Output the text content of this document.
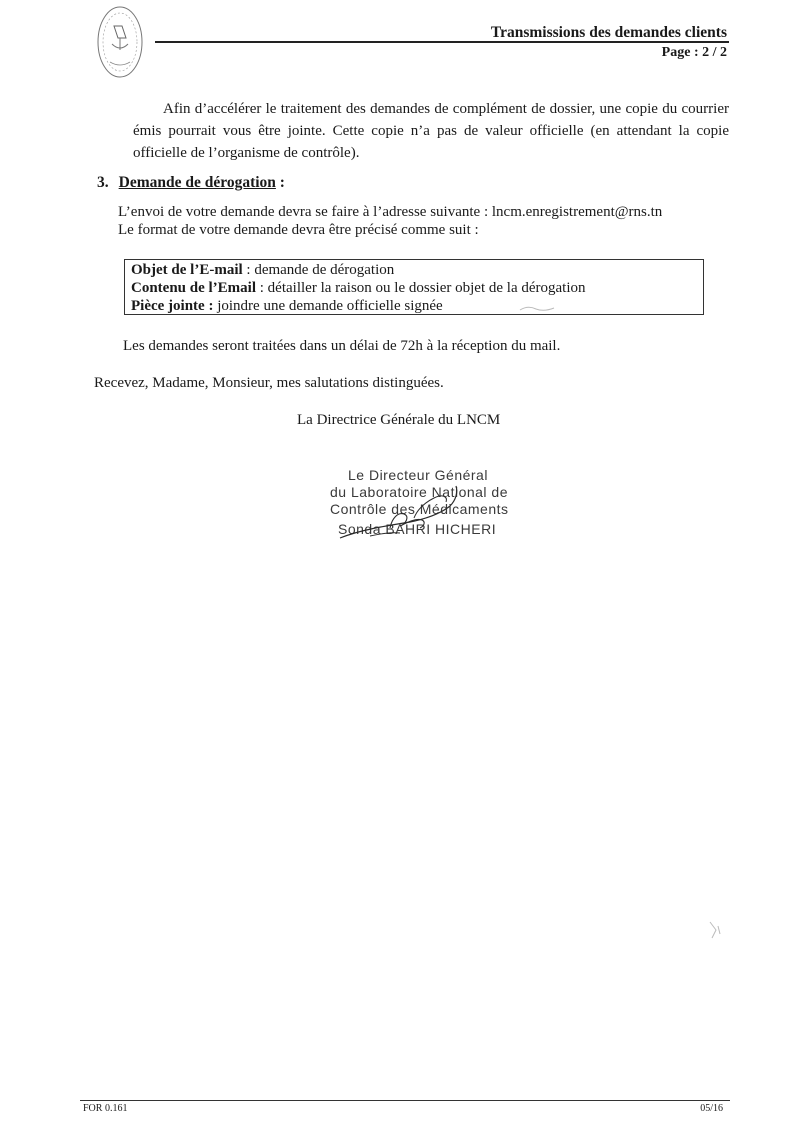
Transmissions des demandes clients
Page : 2 / 2

Afin d’accélérer le traitement des demandes de complément de dossier, une copie du courrier émis pourrait vous être jointe. Cette copie n’a pas de valeur officielle (en attendant la copie officielle de l’organisme de contrôle).

3. Demande de dérogation :
L’envoi de votre demande devra se faire à l’adresse suivante : lncm.enregistrement@rns.tn
Le format de votre demande devra être précisé comme suit :
Objet de l’E-mail : demande de dérogation
Contenu de l’Email : détailler la raison ou le dossier objet de la dérogation
Pièce jointe : joindre une demande officielle signée
Les demandes seront traitées dans un délai de 72h à la réception du mail.
Recevez, Madame, Monsieur, mes salutations distinguées.
La Directrice Générale du LNCM
Le Directeur Général
du Laboratoire National de
Contrôle des Médicaments
Sonda BAHRI HICHERI
FOR 0.161	05/16
